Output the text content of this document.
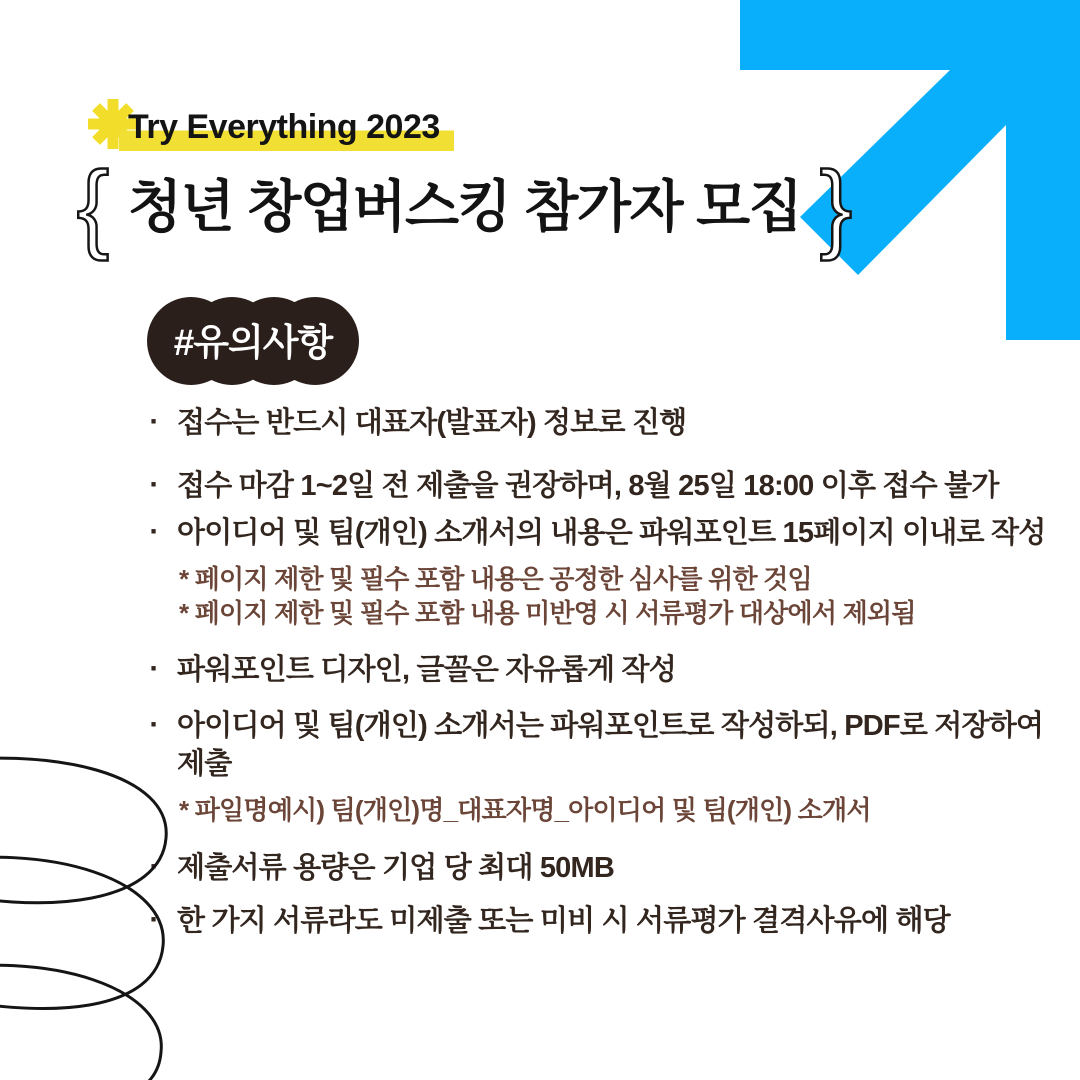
Try Everything 2023
{ 청년 창업버스킹 참가자 모집 }
#유의사항
· 접수는 반드시 대표자(발표자) 정보로 진행
· 접수 마감 1~2일 전 제출을 권장하며, 8월 25일 18:00 이후 접수 불가
· 아이디어 및 팀(개인) 소개서의 내용은 파워포인트 15페이지 이내로 작성
* 페이지 제한 및 필수 포함 내용은 공정한 심사를 위한 것임
* 페이지 제한 및 필수 포함 내용 미반영 시 서류평가 대상에서 제외됨
· 파워포인트 디자인, 글꼴은 자유롭게 작성
· 아이디어 및 팀(개인) 소개서는 파워포인트로 작성하되, PDF로 저장하여 제출
* 파일명예시) 팀(개인)명_대표자명_아이디어 및 팀(개인) 소개서
· 제출서류 용량은 기업 당 최대 50MB
· 한 가지 서류라도 미제출 또는 미비 시 서류평가 결격사유에 해당
